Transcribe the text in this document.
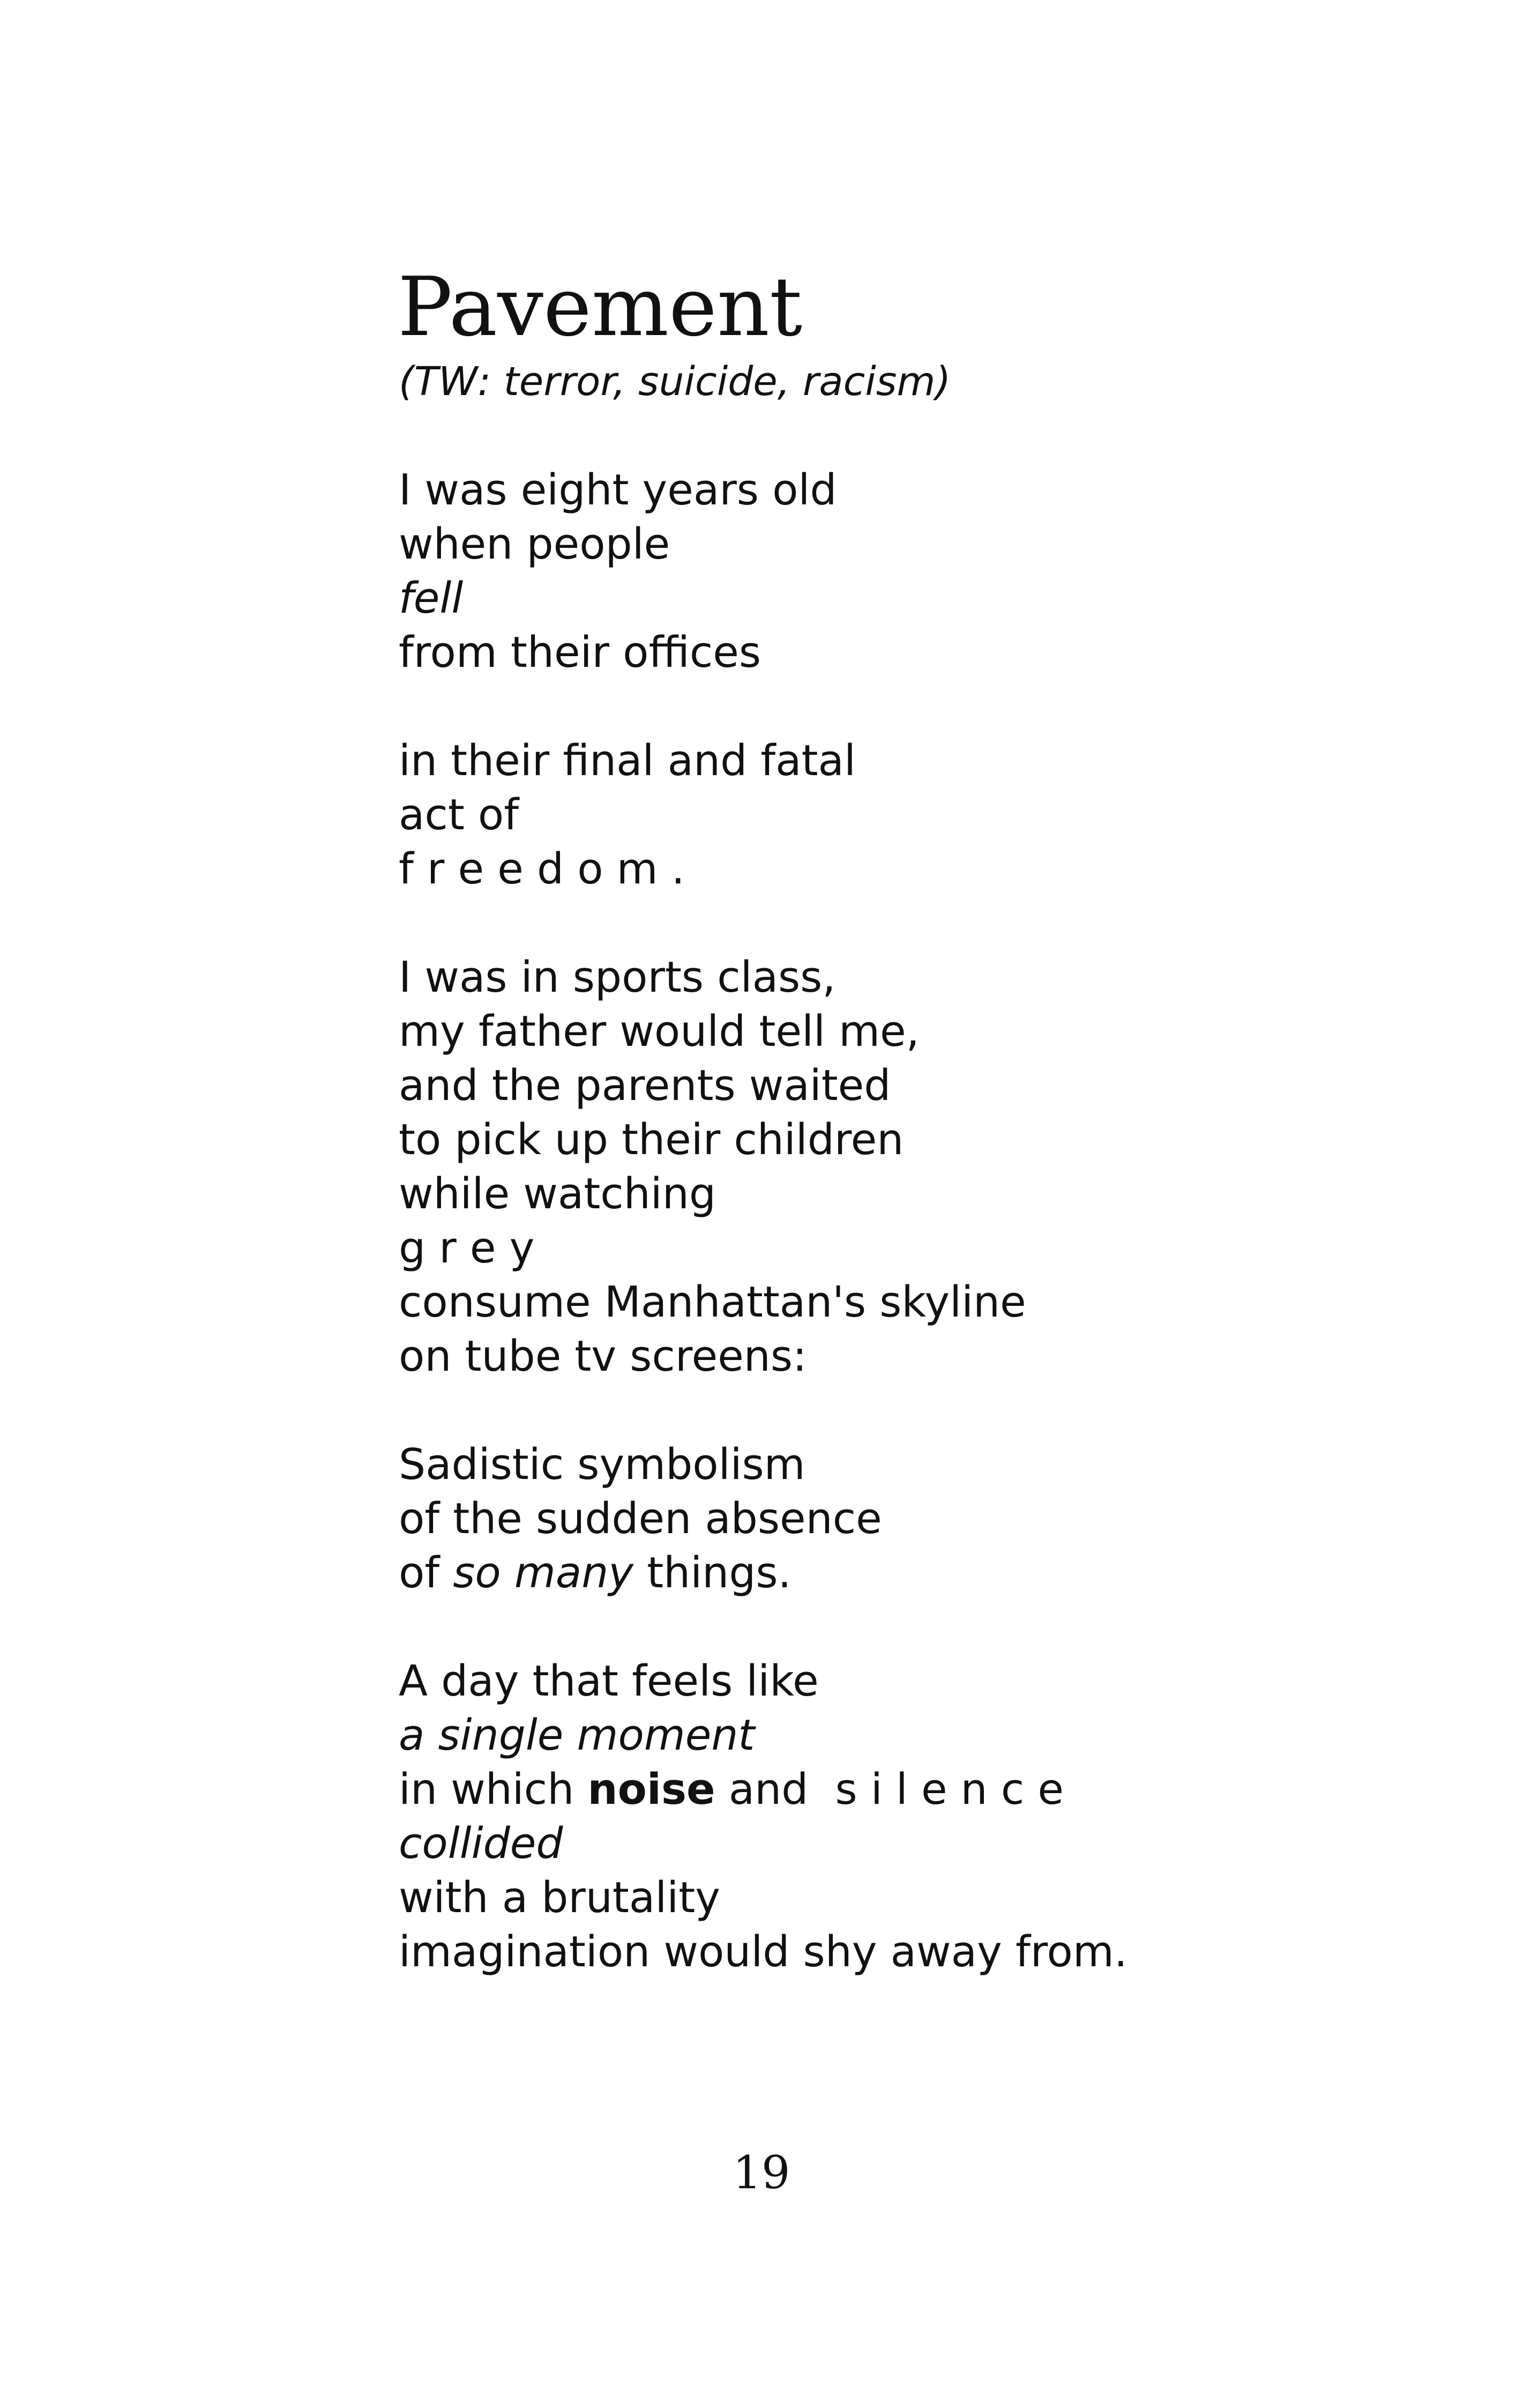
Pavement
(TW: terror, suicide, racism)

I was eight years old
when people
fell
from their offices

in their final and fatal
act of
f r e e d o m .

I was in sports class,
my father would tell me,
and the parents waited
to pick up their children
while watching
g r e y
consume Manhattan's skyline
on tube tv screens:

Sadistic symbolism
of the sudden absence
of so many things.

A day that feels like
a single moment
in which noise and  s i l e n c e
collided
with a brutality
imagination would shy away from.

19
